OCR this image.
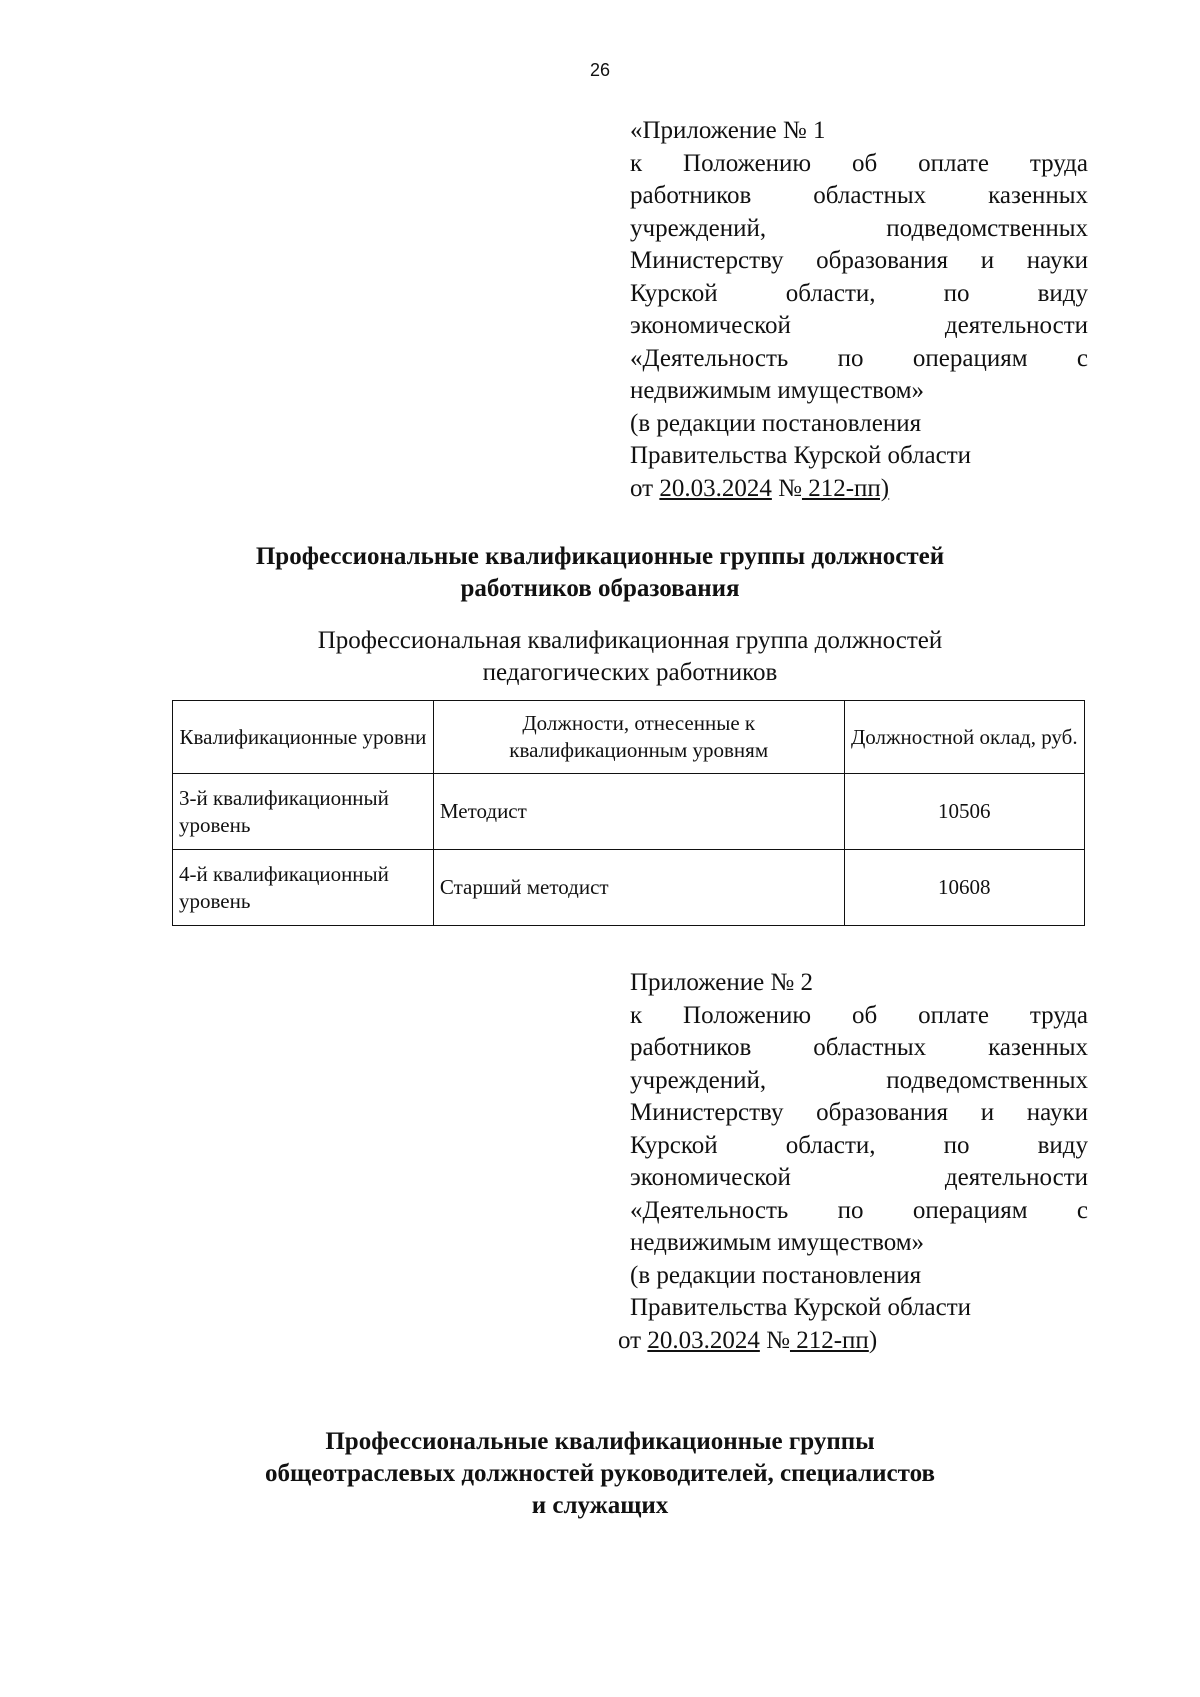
26
«Приложение № 1
к Положению об оплате труда
работников областных казенных
учреждений, подведомственных
Министерству образования и науки
Курской области, по виду
экономической деятельности
«Деятельность по операциям с
недвижимым имуществом»
(в редакции постановления
Правительства Курской области
от 20.03.2024 № 212-пп)
Профессиональные квалификационные группы должностей
работников образования
Профессиональная квалификационная группа должностей
педагогических работников
Квалификационные уровни	Должности, отнесенные к квалификационным уровням	Должностной оклад, руб.
3-й квалификационный уровень	Методист	10506
4-й квалификационный уровень	Старший методист	10608
Приложение № 2
к Положению об оплате труда
работников областных казенных
учреждений, подведомственных
Министерству образования и науки
Курской области, по виду
экономической деятельности
«Деятельность по операциям с
недвижимым имуществом»
(в редакции постановления
Правительства Курской области
от 20.03.2024 № 212-пп)
Профессиональные квалификационные группы
общеотраслевых должностей руководителей, специалистов
и служащих
